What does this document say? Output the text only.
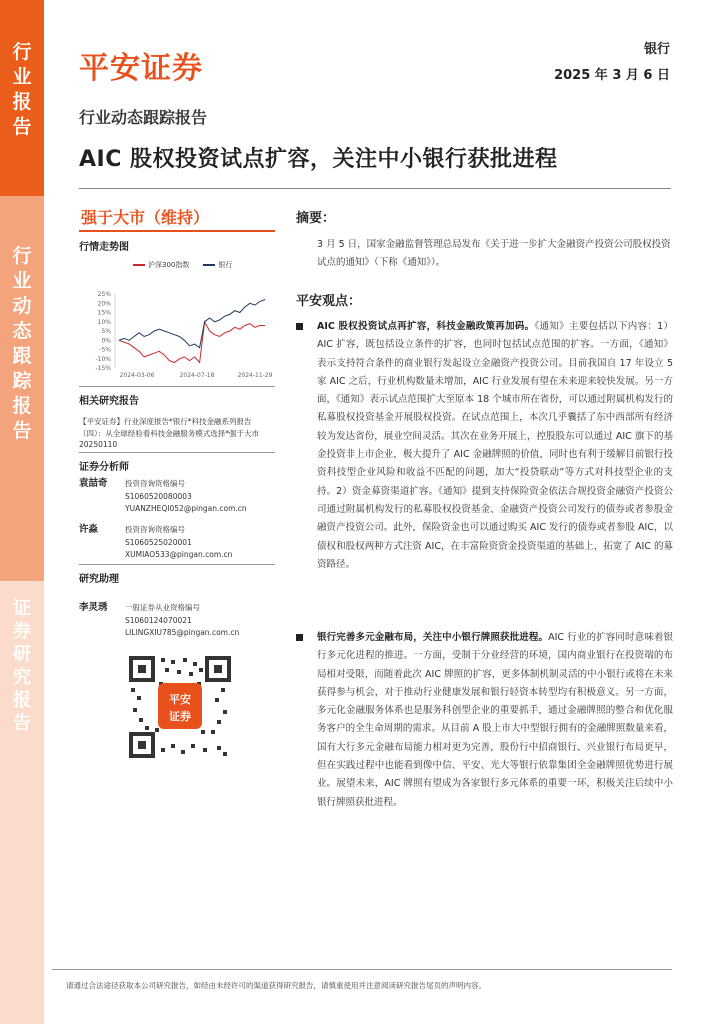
行
业
报
告
行
业
动
态
跟
踪
报
告
证
券
研
究
报
告
平安证券
银行
2025 年 3 月 6 日
行业动态跟踪报告
AIC 股权投资试点扩容，关注中小银行获批进程
强于大市（维持）
行情走势图
25%
20%
15%
10%
5%
0%
-5%
-10%
-15%
2024-03-06	2024-07-18	2024-11-29
沪深300指数	银行
相关研究报告
【平安证券】行业深度报告*银行*科技金融系列报告（四）：从全球经验看科技金融服务模式选择*强于大市 20250110
证券分析师
袁喆奇 投资咨询资格编号
S1060520080003
YUANZHEQI052@pingan.com.cn
许淼	投资咨询资格编号
S1060525020001
XUMIAO533@pingan.com.cn
研究助理
李灵琇 一般证券从业资格编号
S1060124070021
LILINGXIU785@pingan.com.cn
平安
证券
摘要：
3 月 5 日，国家金融监督管理总局发布《关于进一步扩大金融资产投资公司股权投资试点的通知》（下称《通知》）。
平安观点：
AIC 股权投资试点再扩容，科技金融政策再加码。《通知》主要包括以下内容：1）AIC 扩容，既包括设立条件的扩容，也同时包括试点范围的扩容。一方面，《通知》表示支持符合条件的商业银行发起设立金融资产投资公司。目前我国自 17 年设立 5 家 AIC 之后，行业机构数量未增加，AIC 行业发展有望在未来迎来较快发展。另一方面，《通知》表示试点范围扩大至原本 18 个城市所在省份，可以通过附属机构发行的私募股权投资基金开展股权投资。在试点范围上，本次几乎囊括了东中西部所有经济较为发达省份，展业空间灵活。其次在业务开展上，控股股东可以通过 AIC 旗下的基金投资非上市企业，极大提升了 AIC 金融牌照的价值，同时也有利于缓解目前银行投资科技型企业风险和收益不匹配的问题，加大“投贷联动”等方式对科技型企业的支持。2）资金募资渠道扩容。《通知》提到支持保险资金依法合规投资金融资产投资公司通过附属机构发行的私募股权投资基金、金融资产投资公司发行的债券或者参股金融资产投资公司。此外，保险资金也可以通过购买 AIC 发行的债券或者参股 AIC，以债权和股权两种方式注资 AIC，在丰富险资资金投资渠道的基础上，拓宽了 AIC 的募资路径。
银行完善多元金融布局，关注中小银行牌照获批进程。AIC 行业的扩容同时意味着银行多元化进程的推进。一方面，受制于分业经营的环境，国内商业银行在投资端的布局相对受限，而随着此次 AIC 牌照的扩容，更多体制机制灵活的中小银行或将在未来获得参与机会，对于推动行业健康发展和银行轻资本转型均有积极意义。另一方面，多元化金融服务体系也是服务科创型企业的重要抓手，通过金融牌照的整合和优化服务客户的全生命周期的需求。从目前 A 股上市大中型银行拥有的金融牌照数量来看，国有大行多元金融布局能力相对更为完善，股份行中招商银行、兴业银行布局更早，但在实践过程中也能看到像中信、平安、光大等银行依靠集团全金融牌照优势进行展业。展望未来，AIC 牌照有望成为各家银行多元体系的重要一环，积极关注后续中小银行牌照获批进程。
请通过合法途径获取本公司研究报告，如经由未经许可的渠道获得研究报告，请慎重使用并注意阅读研究报告尾页的声明内容。
